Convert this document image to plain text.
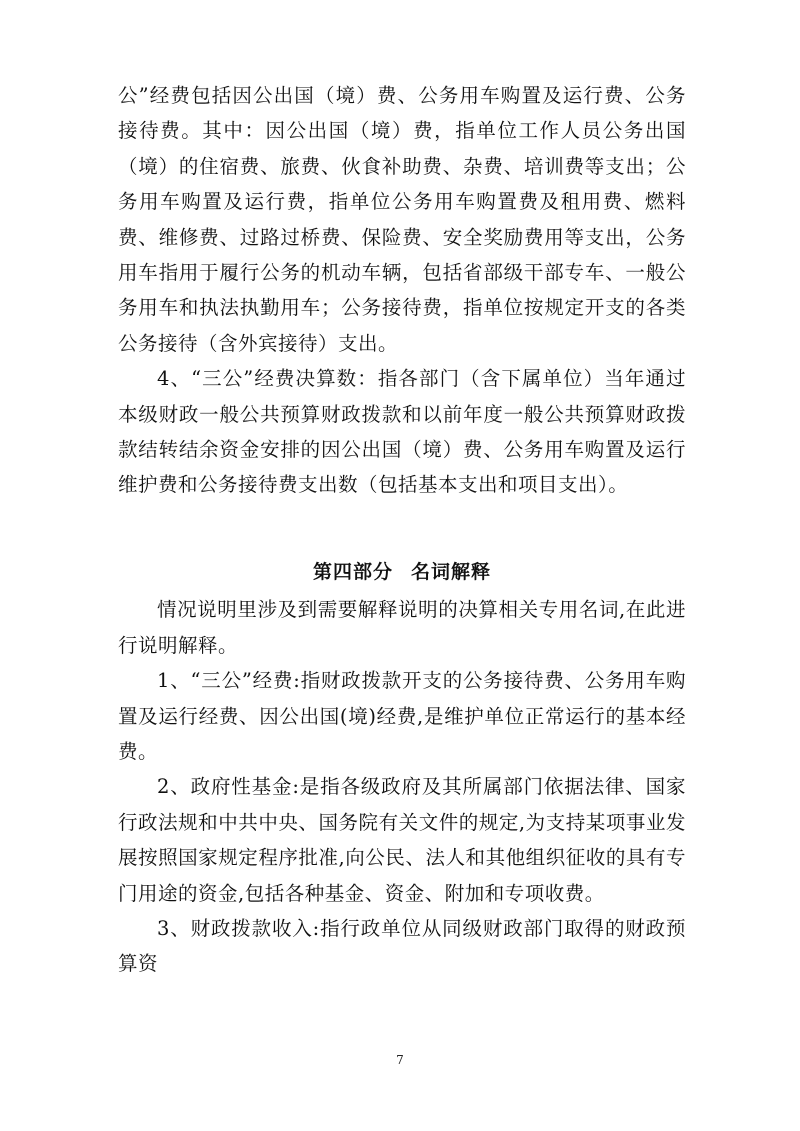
公”经费包括因公出国（境）费、公务用车购置及运行费、公务接待费。其中：因公出国（境）费，指单位工作人员公务出国（境）的住宿费、旅费、伙食补助费、杂费、培训费等支出；公务用车购置及运行费，指单位公务用车购置费及租用费、燃料费、维修费、过路过桥费、保险费、安全奖励费用等支出，公务用车指用于履行公务的机动车辆，包括省部级干部专车、一般公务用车和执法执勤用车；公务接待费，指单位按规定开支的各类公务接待（含外宾接待）支出。

4、“三公”经费决算数：指各部门（含下属单位）当年通过本级财政一般公共预算财政拨款和以前年度一般公共预算财政拨款结转结余资金安排的因公出国（境）费、公务用车购置及运行维护费和公务接待费支出数（包括基本支出和项目支出）。

第四部分 名词解释

情况说明里涉及到需要解释说明的决算相关专用名词,在此进行说明解释。

1、“三公”经费:指财政拨款开支的公务接待费、公务用车购置及运行经费、因公出国(境)经费,是维护单位正常运行的基本经费。

2、政府性基金:是指各级政府及其所属部门依据法律、国家行政法规和中共中央、国务院有关文件的规定,为支持某项事业发展按照国家规定程序批准,向公民、法人和其他组织征收的具有专门用途的资金,包括各种基金、资金、附加和专项收费。

3、财政拨款收入:指行政单位从同级财政部门取得的财政预算资

7
